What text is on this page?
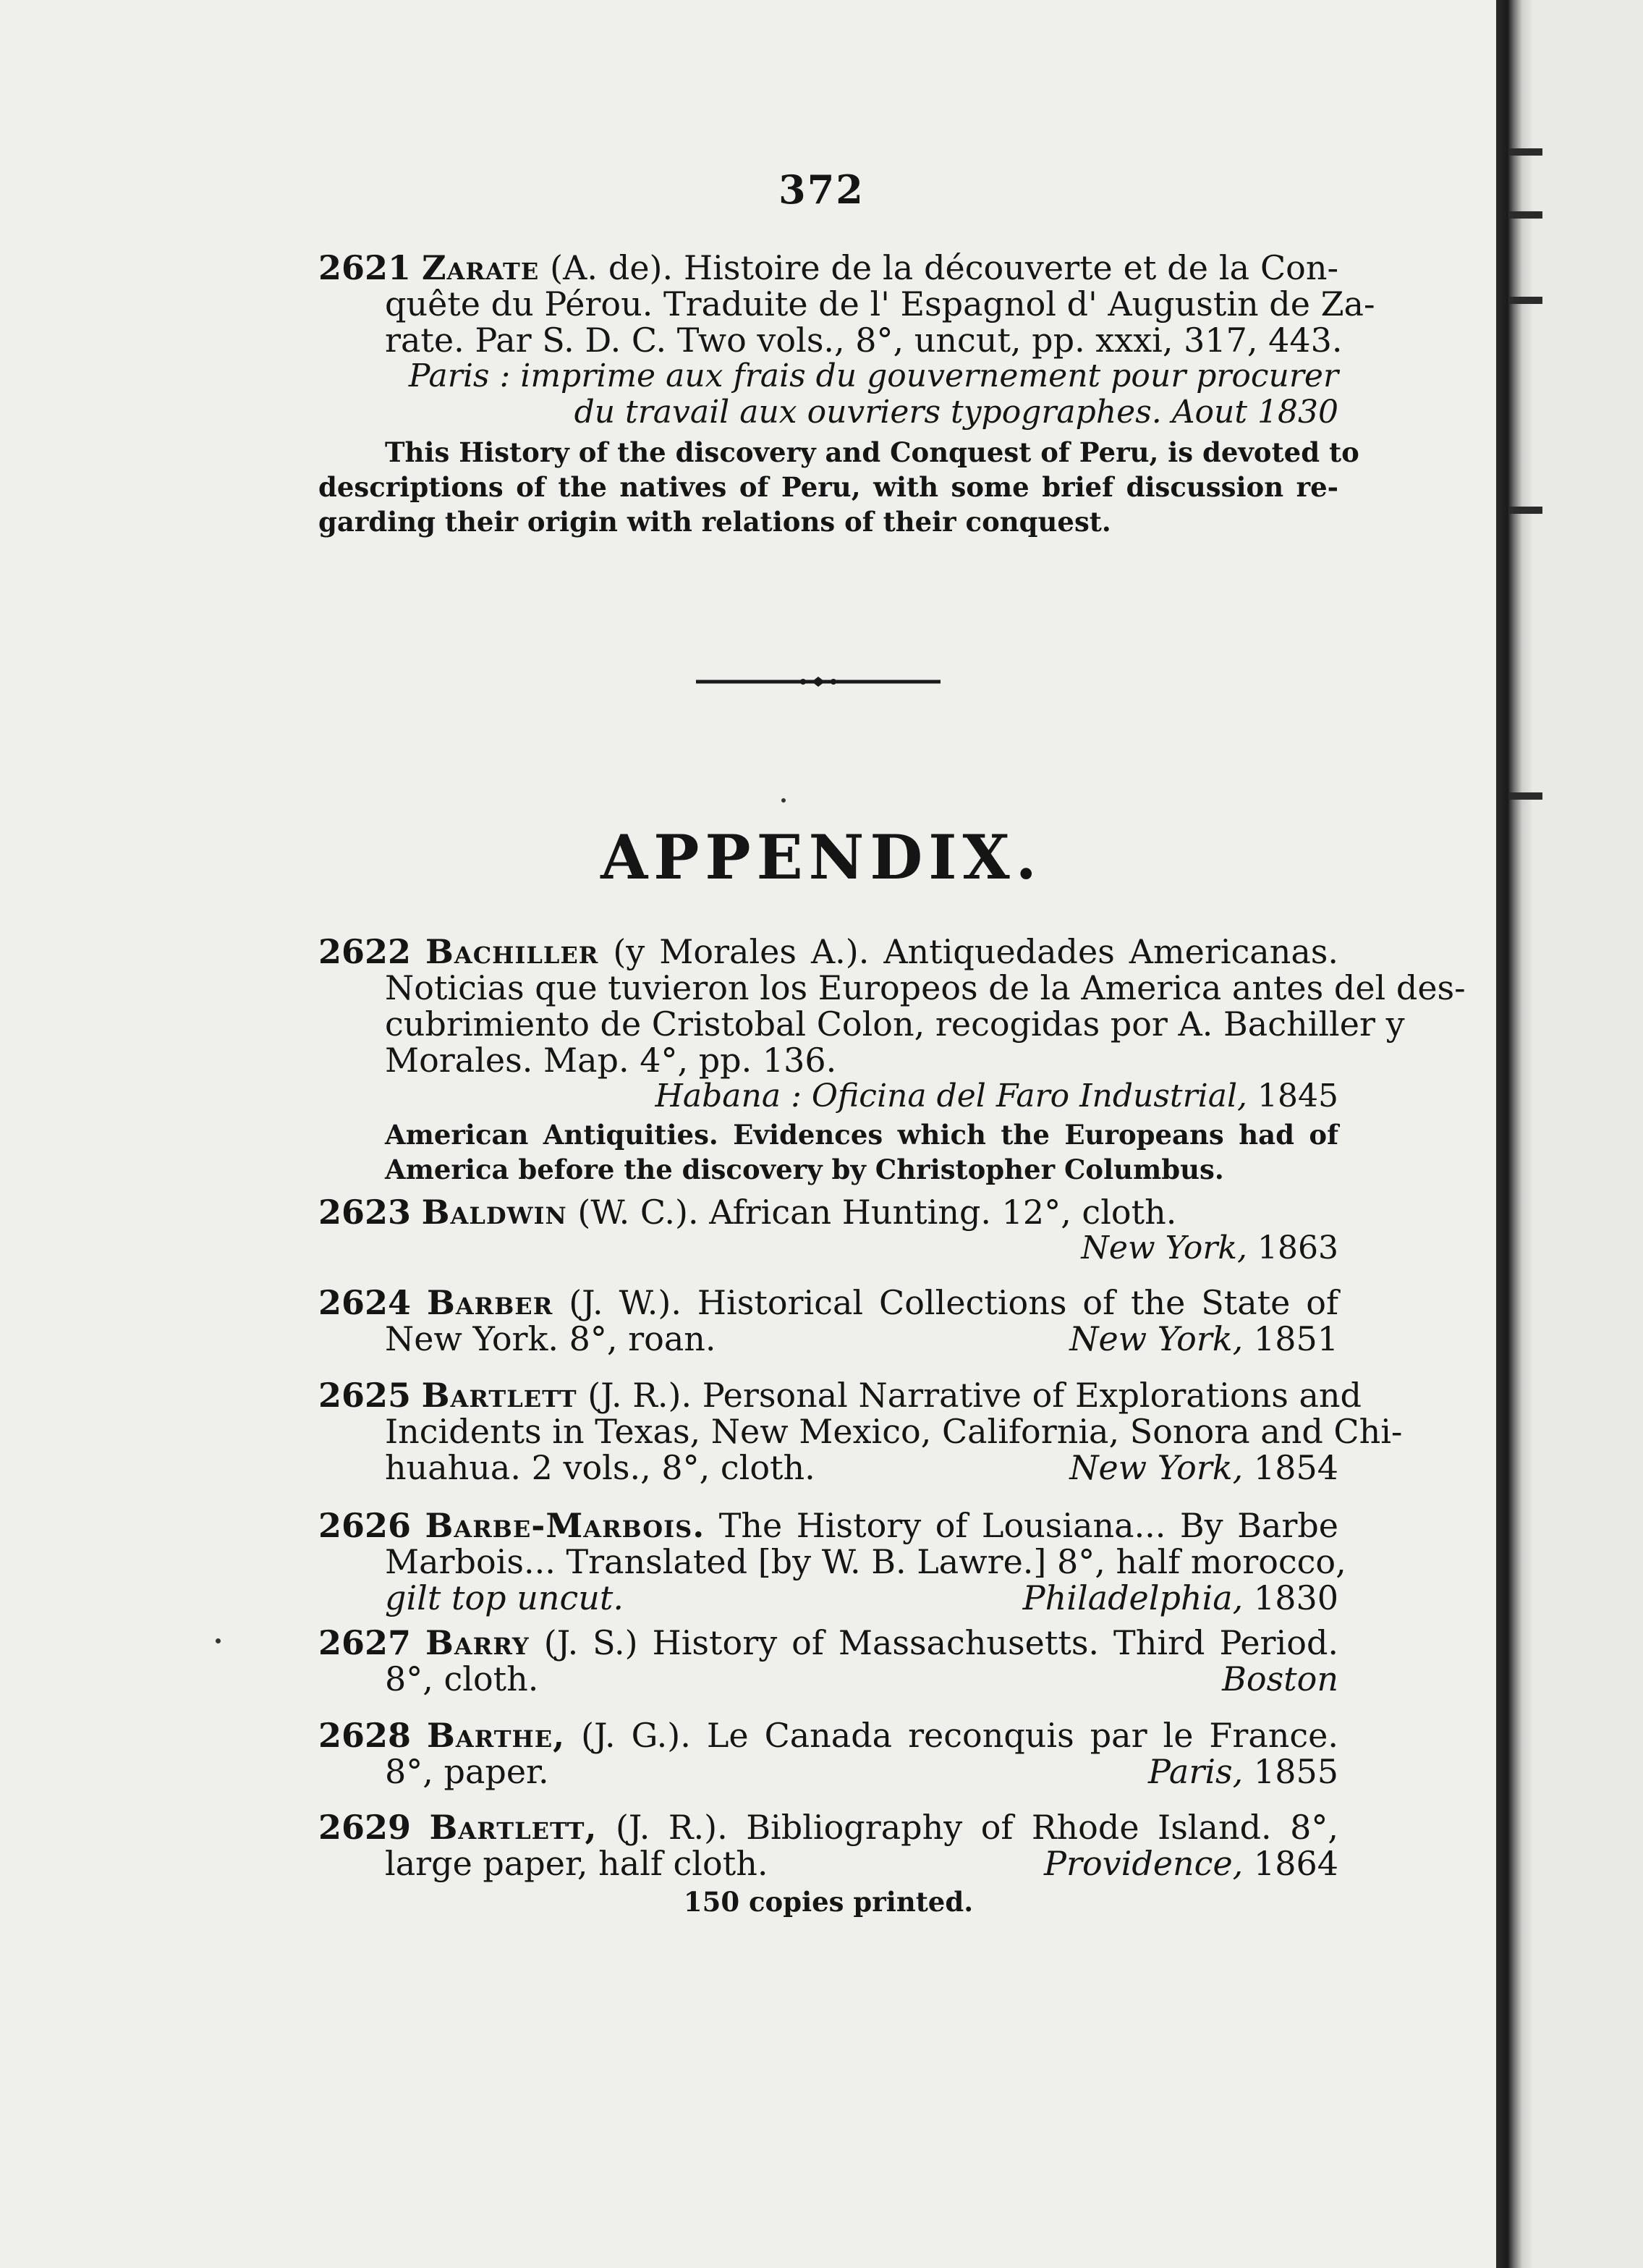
372
2621 Zarate (A. de). Histoire de la découverte et de la Con-
quête du Pérou. Traduite de l' Espagnol d' Augustin de Za-
rate. Par S. D. C. Two vols., 8°, uncut, pp. xxxi, 317, 443.
Paris : imprime aux frais du gouvernement pour procurer
du travail aux ouvriers typographes. Aout 1830
This History of the discovery and Conquest of Peru, is devoted to
descriptions of the natives of Peru, with some brief discussion re-
garding their origin with relations of their conquest.
APPENDIX.
2622 Bachiller (y Morales A.). Antiquedades Americanas.
Noticias que tuvieron los Europeos de la America antes del des-
cubrimiento de Cristobal Colon, recogidas por A. Bachiller y
Morales. Map. 4°, pp. 136.
Habana : Oficina del Faro Industrial, 1845
American Antiquities. Evidences which the Europeans had of
America before the discovery by Christopher Columbus.
2623 Baldwin (W. C.). African Hunting. 12°, cloth.
New York, 1863
2624 Barber (J. W.). Historical Collections of the State of
New York. 8°, roan.	New York, 1851
2625 Bartlett (J. R.). Personal Narrative of Explorations and
Incidents in Texas, New Mexico, California, Sonora and Chi-
huahua. 2 vols., 8°, cloth.	New York, 1854
2626 Barbe-Marbois. The History of Lousiana... By Barbe
Marbois... Translated [by W. B. Lawre.] 8°, half morocco,
gilt top uncut.	Philadelphia, 1830
2627 Barry (J. S.) History of Massachusetts. Third Period.
8°, cloth.	Boston
2628 Barthe, (J. G.). Le Canada reconquis par le France.
8°, paper.	Paris, 1855
2629 Bartlett, (J. R.). Bibliography of Rhode Island. 8°,
large paper, half cloth.	Providence, 1864
150 copies printed.
